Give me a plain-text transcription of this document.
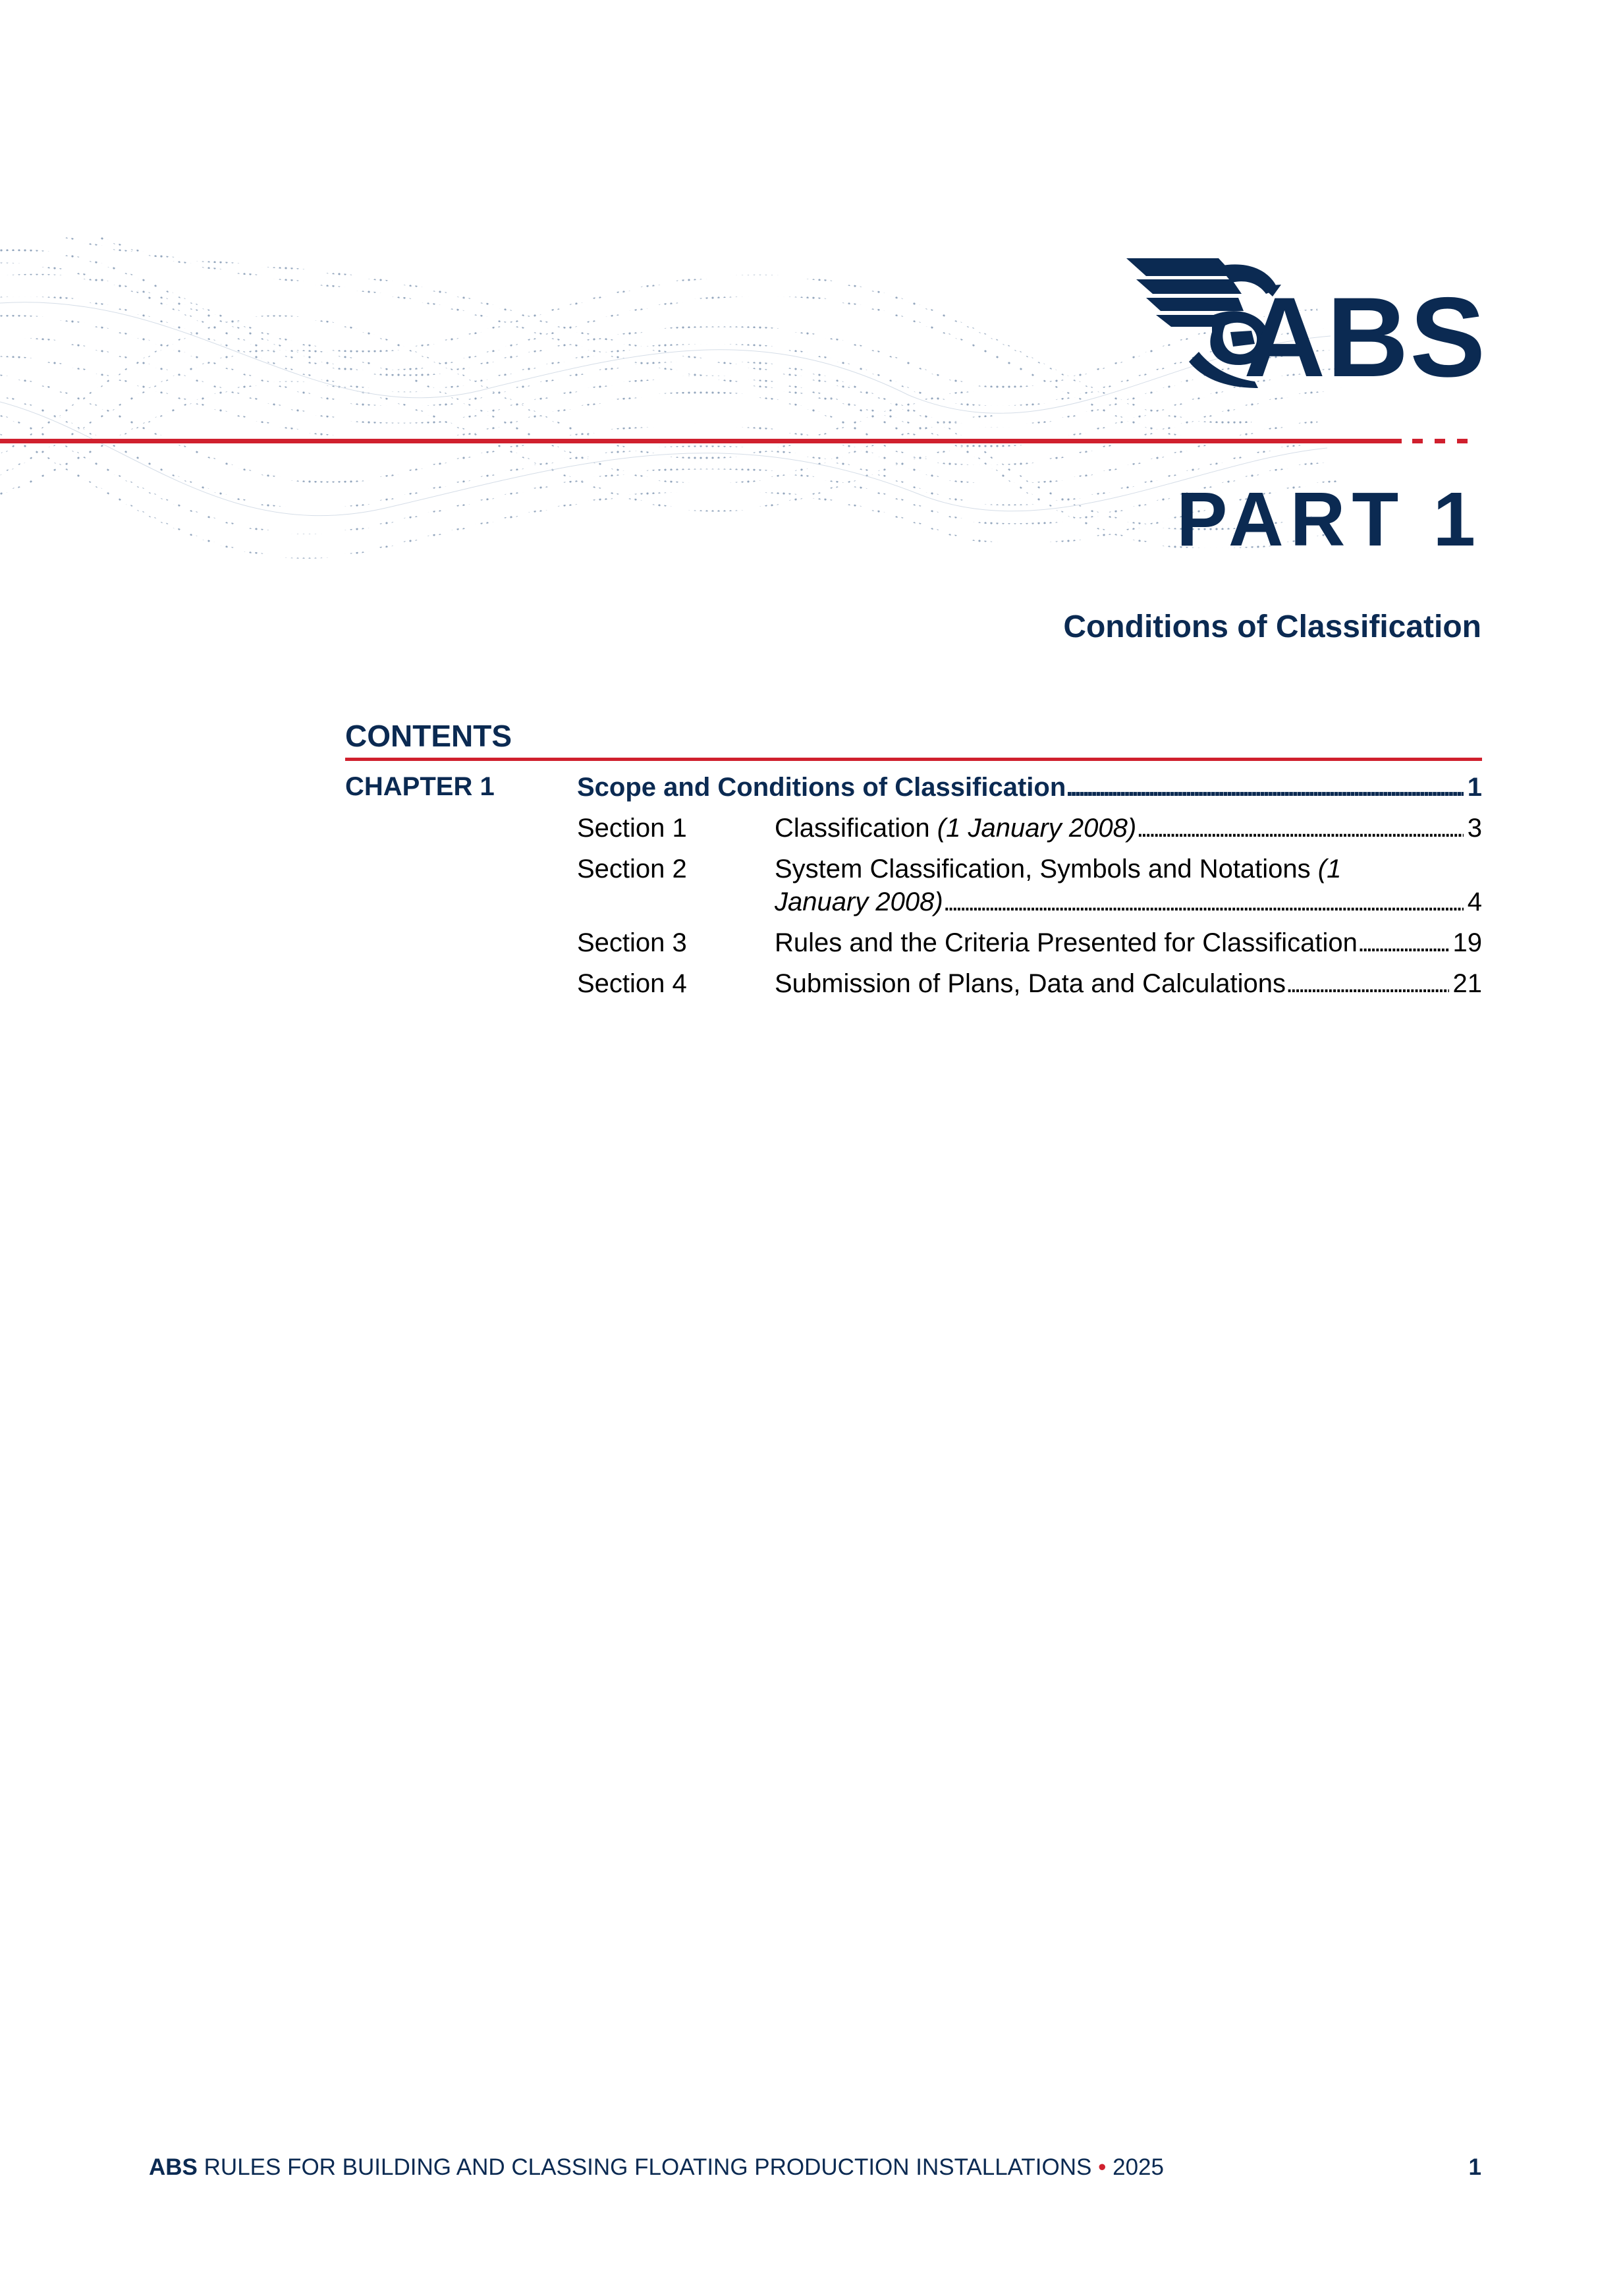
ABS
PART 1
Conditions of Classification
CONTENTS
CHAPTER 1	Scope and Conditions of Classification . . .	1
Section 1	Classification (1 January 2008) . . .	3
Section 2	System Classification, Symbols and Notations (1
January 2008) . . .	4
Section 3	Rules and the Criteria Presented for Classification . . .	19
Section 4	Submission of Plans, Data and Calculations . . .	21
ABS RULES FOR BUILDING AND CLASSING FLOATING PRODUCTION INSTALLATIONS • 2025	1
